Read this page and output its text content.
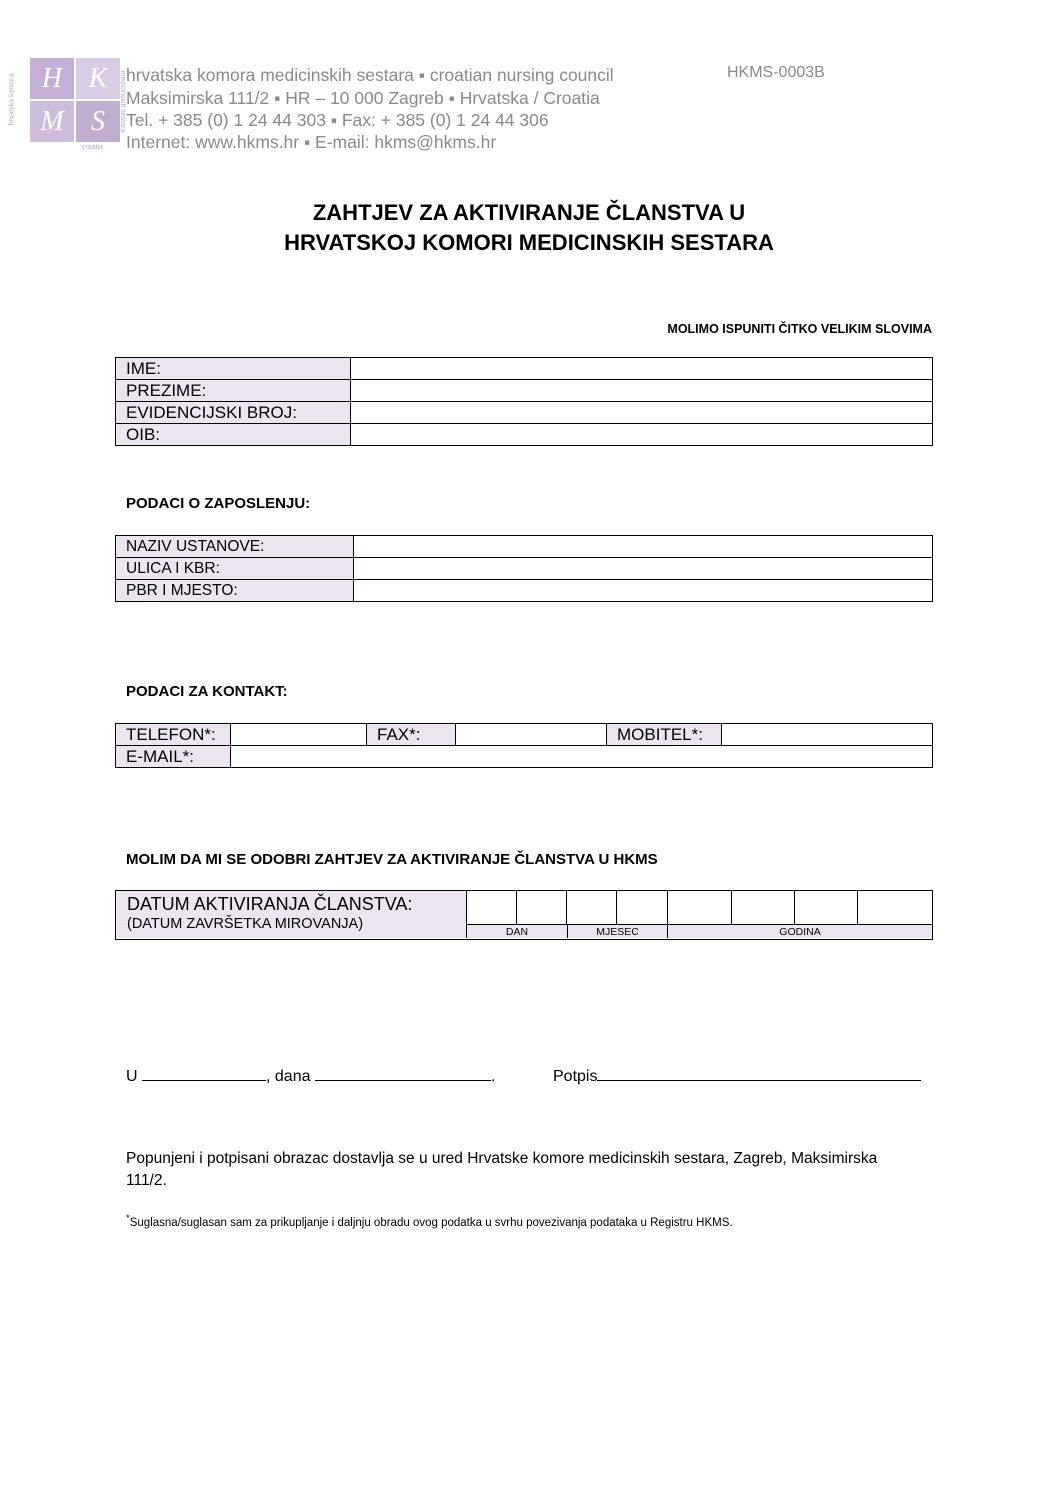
hrvatska komora H K
M S	medicinskih sestara
croatia
hrvatska komora medicinskih sestara ▪ croatian nursing council	HKMS-0003B
Maksimirska 111/2 ▪ HR – 10 000 Zagreb ▪ Hrvatska / Croatia
Tel. + 385 (0) 1 24 44 303 ▪ Fax: + 385 (0) 1 24 44 306
Internet: www.hkms.hr ▪ E-mail: hkms@hkms.hr
ZAHTJEV ZA AKTIVIRANJE ČLANSTVA U
HRVATSKOJ KOMORI MEDICINSKIH SESTARA
MOLIMO ISPUNITI ČITKO VELIKIM SLOVIMA
IME:	
PREZIME:	
EVIDENCIJSKI BROJ:	
OIB:	
PODACI O ZAPOSLENJU:
NAZIV USTANOVE:	
ULICA I KBR:	
PBR I MJESTO:	
PODACI ZA KONTAKT:
TELEFON*:		FAX*:		MOBITEL*:	
E-MAIL*:					
MOLIM DA MI SE ODOBRI ZAHTJEV ZA AKTIVIRANJE ČLANSTVA U HKMS
DATUM AKTIVIRANJA ČLANSTVA:
(DATUM ZAVRŠETKA MIROVANJA)	DAN	MJESEC	GODINA
U	, dana	.	Potpis
Popunjeni i potpisani obrazac dostavlja se u ured Hrvatske komore medicinskih sestara, Zagreb, Maksimirska 111/2.
*Suglasna/suglasan sam za prikupljanje i daljnju obradu ovog podatka u svrhu povezivanja podataka u Registru HKMS.
